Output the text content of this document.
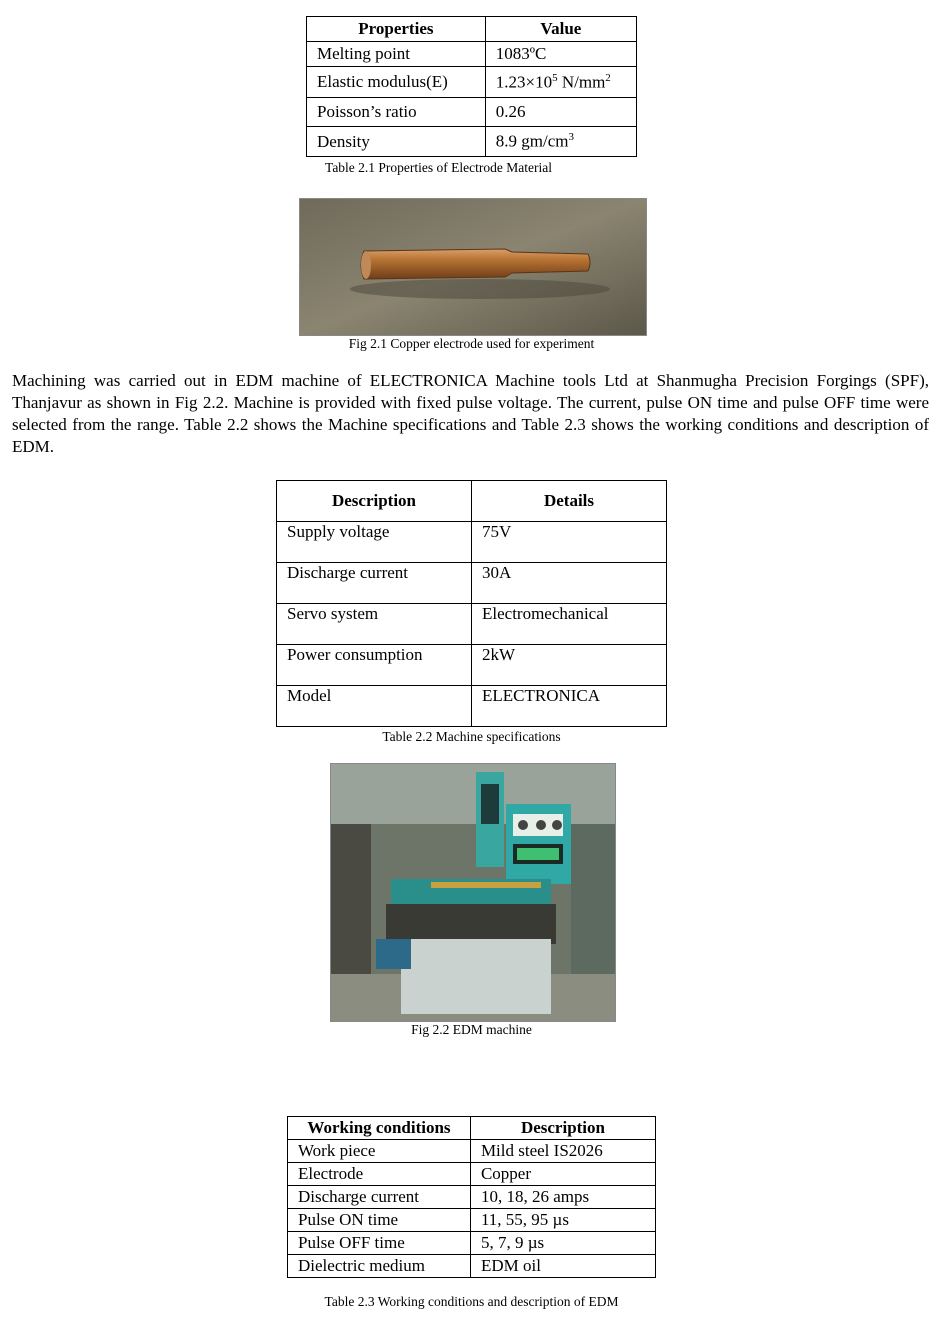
Properties	Value
Melting point	1083ºC
Elastic modulus(E)	$1.23\times 10^5$ $N/mm^2$
Poisson’s ratio	0.26
Density	8.9 $gm/cm^3$
Table 2.1 Properties of Electrode Material
Fig 2.1 Copper electrode used for experiment
Machining was carried out in EDM machine of ELECTRONICA Machine tools Ltd at Shanmugha Precision Forgings (SPF), Thanjavur as shown in Fig 2.2. Machine is provided with fixed pulse voltage. The current, pulse ON time and pulse OFF time were selected from the range. Table 2.2 shows the Machine specifications and Table 2.3 shows the working conditions and description of EDM.
Description	Details
Supply voltage	75V
Discharge current	30A
Servo system	Electromechanical
Power consumption	2kW
Model	ELECTRONICA
Table 2.2 Machine specifications
Fig 2.2 EDM machine
Working conditions	Description
Work piece	Mild steel IS2026
Electrode	Copper
Discharge current	10, 18, 26 amps
Pulse ON time	11, 55, 95 µs
Pulse OFF time	5, 7, 9 µs
Dielectric medium	EDM oil
Table 2.3 Working conditions and description of EDM
